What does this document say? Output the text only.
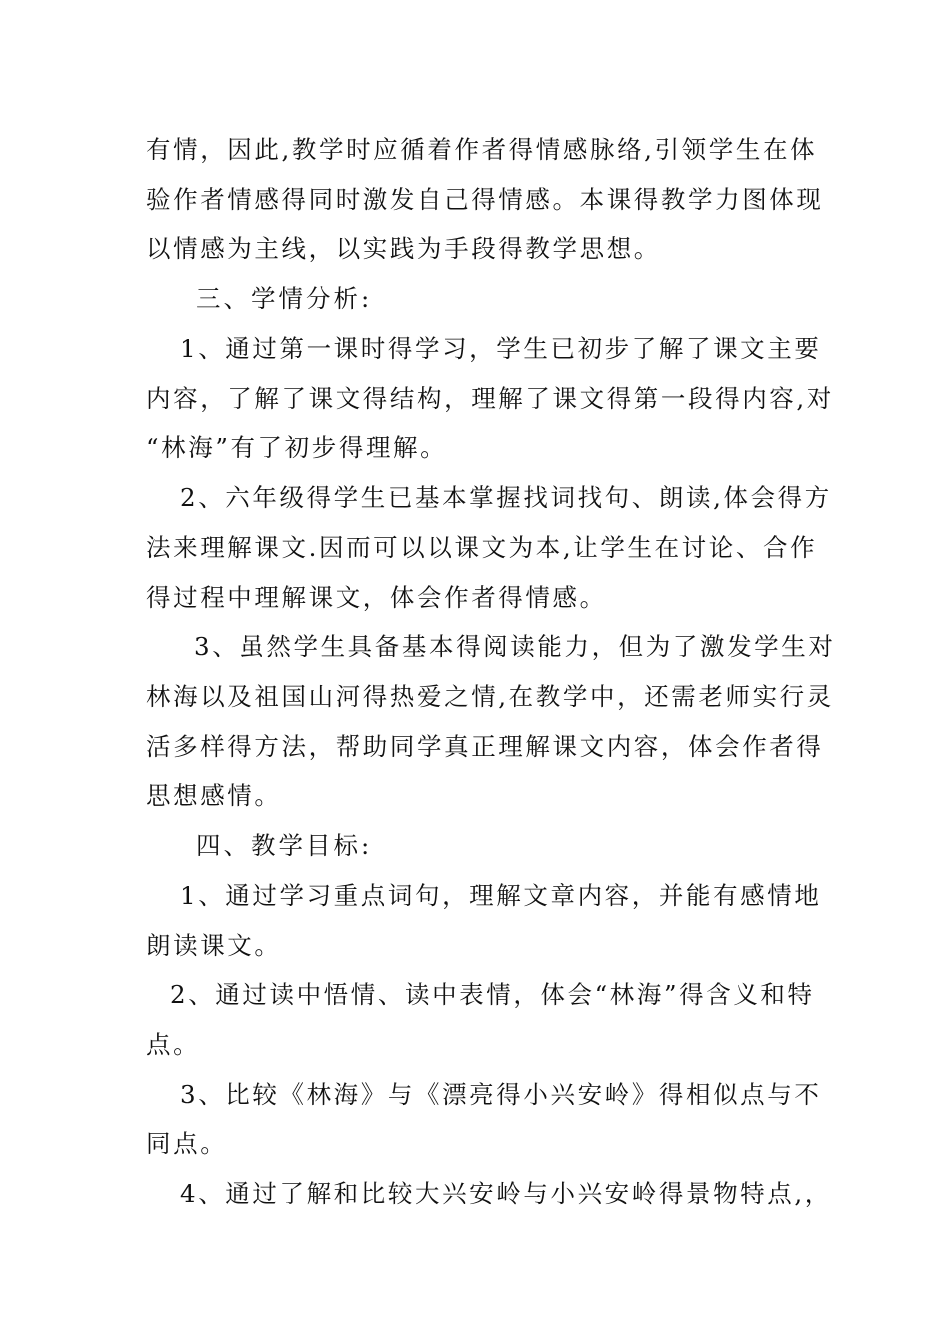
有情，因此,教学时应循着作者得情感脉络,引领学生在体
验作者情感得同时激发自己得情感。本课得教学力图体现
以情感为主线，以实践为手段得教学思想。
三、学情分析:
1、通过第一课时得学习，学生已初步了解了课文主要
内容，了解了课文得结构，理解了课文得第一段得内容,对
“林海”有了初步得理解。
2、六年级得学生已基本掌握找词找句、朗读,体会得方
法来理解课文.因而可以以课文为本,让学生在讨论、合作
得过程中理解课文，体会作者得情感。
3、虽然学生具备基本得阅读能力，但为了激发学生对
林海以及祖国山河得热爱之情,在教学中，还需老师实行灵
活多样得方法，帮助同学真正理解课文内容，体会作者得
思想感情。
四、教学目标:
1、通过学习重点词句，理解文章内容，并能有感情地
朗读课文。
2、通过读中悟情、读中表情，体会“林海”得含义和特
点。
3、比较《林海》与《漂亮得小兴安岭》得相似点与不
同点。
4、通过了解和比较大兴安岭与小兴安岭得景物特点,，
